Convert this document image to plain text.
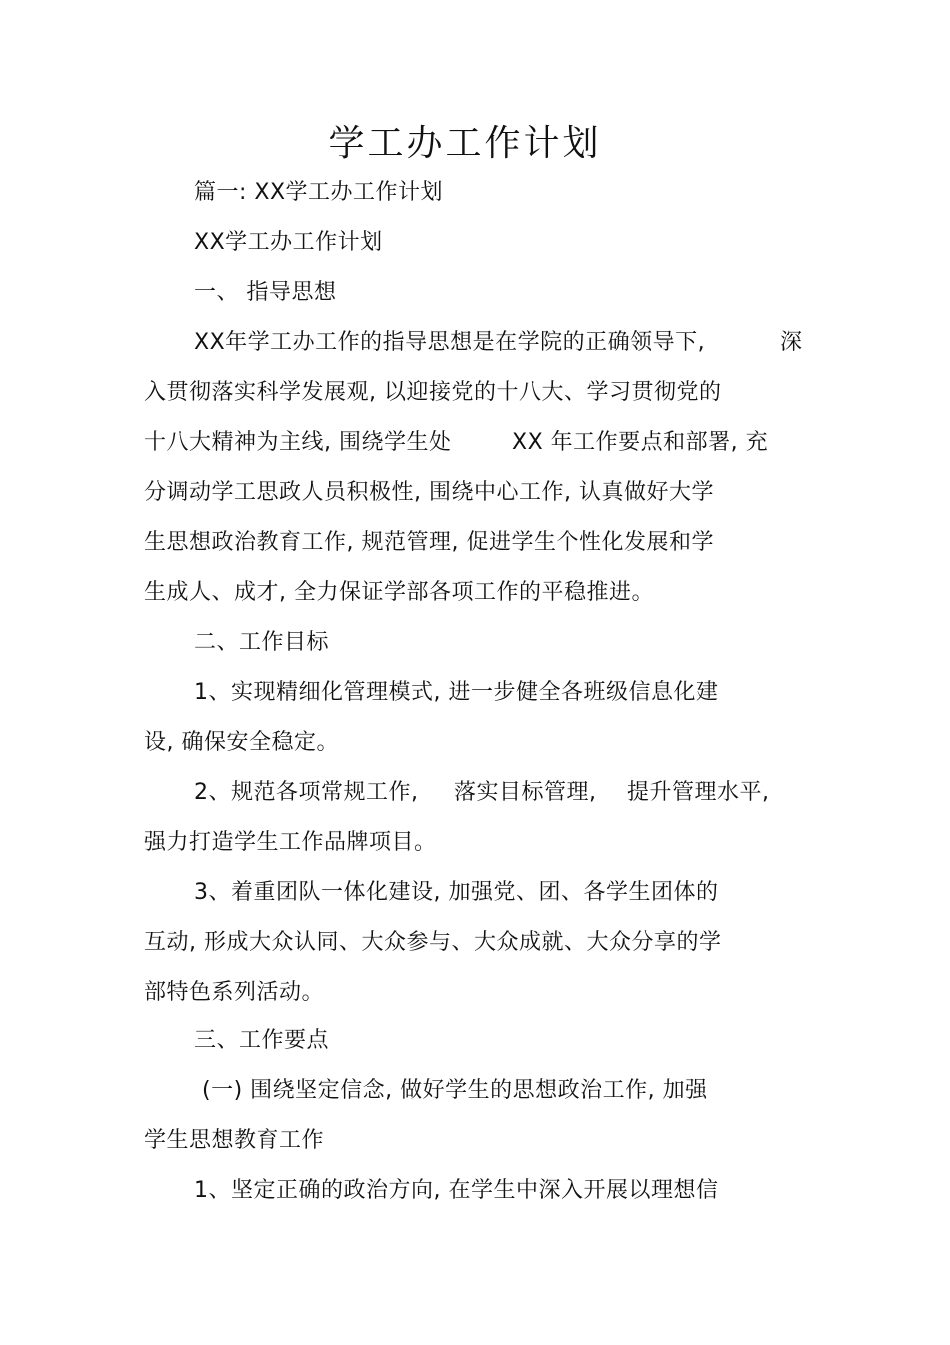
学工办工作计划
篇一: XX学工办工作计划
XX学工办工作计划
一、 指导思想
XX年学工办工作的指导思想是在学院的正确领导下,	深
入贯彻落实科学发展观, 以迎接党的十八大、学习贯彻党的
十八大精神为主线, 围绕学生处	XX 年工作要点和部署, 充
分调动学工思政人员积极性, 围绕中心工作, 认真做好大学
生思想政治教育工作, 规范管理, 促进学生个性化发展和学
生成人、成才, 全力保证学部各项工作的平稳推进。
二、工作目标
1、实现精细化管理模式, 进一步健全各班级信息化建
设, 确保安全稳定。
2、规范各项常规工作, 落实目标管理, 提升管理水平,
强力打造学生工作品牌项目。
3、着重团队一体化建设, 加强党、团、各学生团体的
互动, 形成大众认同、大众参与、大众成就、大众分享的学
部特色系列活动。
三、工作要点
(一) 围绕坚定信念, 做好学生的思想政治工作, 加强
学生思想教育工作
1、坚定正确的政治方向, 在学生中深入开展以理想信
